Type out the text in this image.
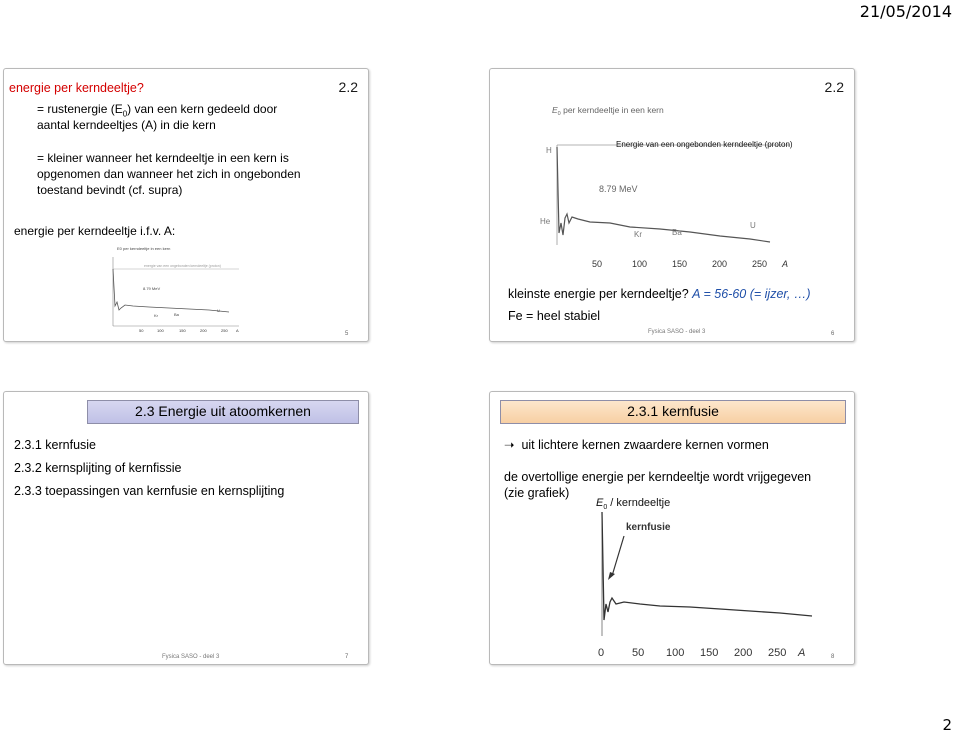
21/05/2014
energie per kerndeeltje?	2.2
= rustenergie $(E_0)$ van een kern gedeeld door
aantal kerndeeltjes (A) in die kern
= kleiner wanneer het kerndeeltje in een kern is
opgenomen dan wanneer het zich in ongebonden
toestand bevindt (cf. supra)
energie per kerndeeltje i.f.v. A:
E0 per kerndeeltje in een kern
energie van een ongebonden kerndeeltje (proton)
8.79 MeV
Kr	Ba
U
50	100	150	200	250 A
5
2.2
$E_0$ per kerndeeltje in een kern
Energie van een ongebonden kerndeeltje (proton)
H
He
8.79 MeV
Kr	Ba
U
50	100	150	200	250 A
kleinste energie per kerndeeltje? A = 56-60 (= ijzer, …)
Fe = heel stabiel
Fysica SASO - deel 3	6
2.3 Energie uit atoomkernen
2.3.1 kernfusie
2.3.2 kernsplijting of kernfissie
2.3.3 toepassingen van kernfusie en kernsplijting
Fysica SASO - deel 3	7
2.3.1 kernfusie
➝ uit lichtere kernen zwaardere kernen vormen
de overtollige energie per kerndeeltje wordt vrijgegeven
(zie grafiek)
$E_0$ / kerndeeltje
kernfusie
0	50 100 150 200 250 A	8
2
